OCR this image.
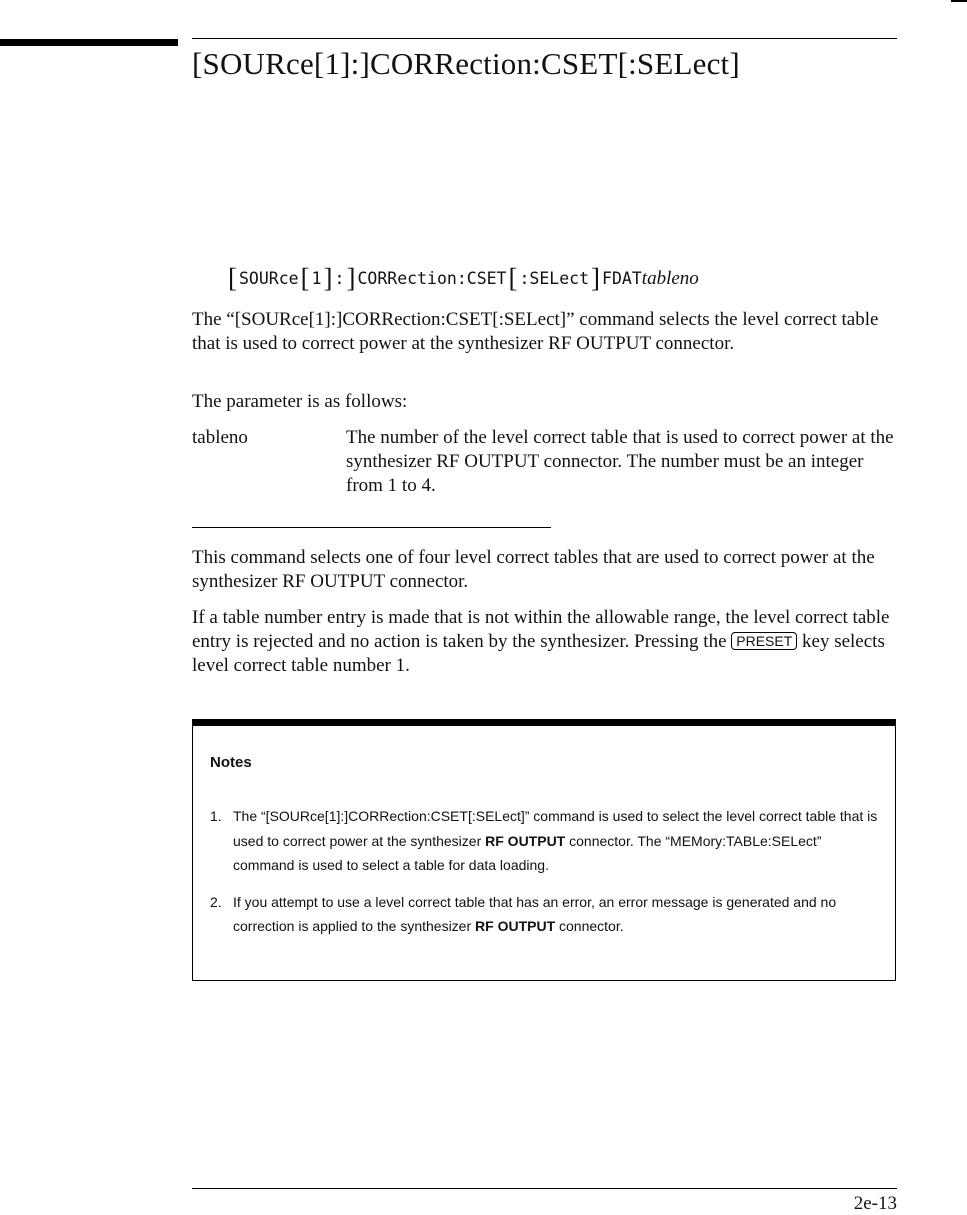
[SOURce[1]:]CORRection:CSET[:SELect]
[ SOURce[ 1] :] CORRection:CSET[ :SELect] FDATtableno

The “[SOURce[1]:]CORRection:CSET[:SELect]” command selects the level correct table that is used to correct power at the synthesizer RF OUTPUT connector.

The parameter is as follows:

tableno	The number of the level correct table that is used to correct power at the synthesizer RF OUTPUT connector. The number must be an integer from 1 to 4.

This command selects one of four level correct tables that are used to correct power at the synthesizer RF OUTPUT connector.

If a table number entry is made that is not within the allowable range, the level correct table entry is rejected and no action is taken by the synthesizer. Pressing the PRESET key selects level correct table number 1.

Notes

1. The “[SOURce[1]:]CORRection:CSET[:SELect]” command is used to select the level correct table that is used to correct power at the synthesizer RF OUTPUT connector. The “MEMory:TABLe:SELect” command is used to select a table for data loading.
2. If you attempt to use a level correct table that has an error, an error message is generated and no correction is applied to the synthesizer RF OUTPUT connector.
2e-13
